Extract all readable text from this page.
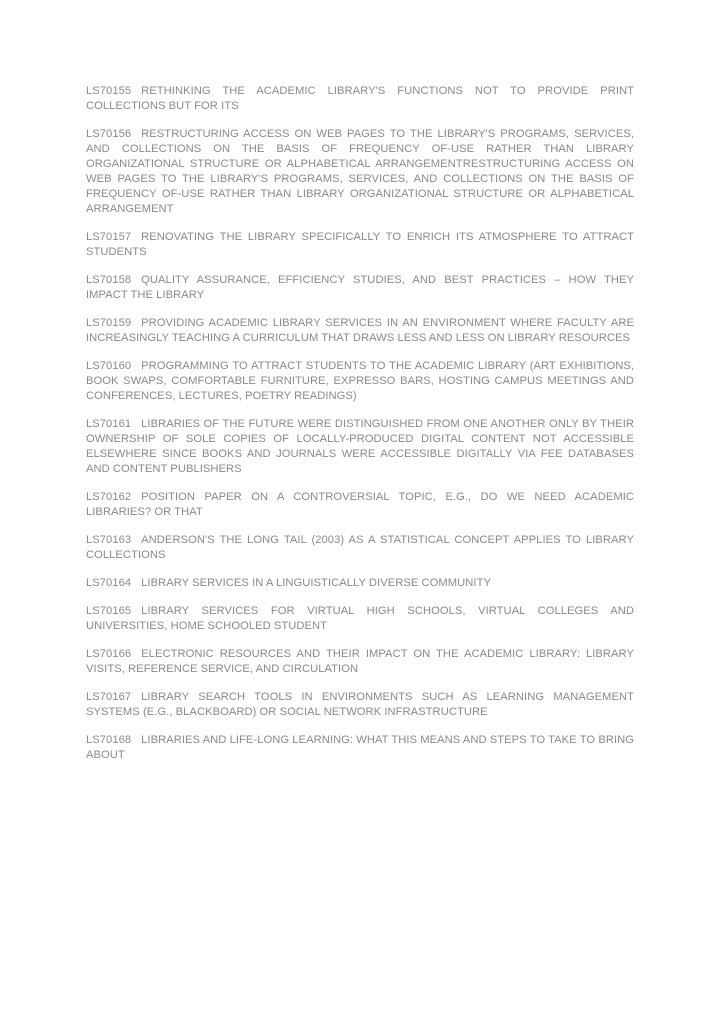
LS70155 RETHINKING THE ACADEMIC LIBRARY'S FUNCTIONS NOT TO PROVIDE PRINT COLLECTIONS BUT FOR ITS

LS70156 RESTRUCTURING ACCESS ON WEB PAGES TO THE LIBRARY'S PROGRAMS, SERVICES, AND COLLECTIONS ON THE BASIS OF FREQUENCY OF-USE RATHER THAN LIBRARY ORGANIZATIONAL STRUCTURE OR ALPHABETICAL ARRANGEMENTRESTRUCTURING ACCESS ON WEB PAGES TO THE LIBRARY'S PROGRAMS, SERVICES, AND COLLECTIONS ON THE BASIS OF FREQUENCY OF-USE RATHER THAN LIBRARY ORGANIZATIONAL STRUCTURE OR ALPHABETICAL ARRANGEMENT

LS70157 RENOVATING THE LIBRARY SPECIFICALLY TO ENRICH ITS ATMOSPHERE TO ATTRACT STUDENTS

LS70158 QUALITY ASSURANCE, EFFICIENCY STUDIES, AND BEST PRACTICES – HOW THEY IMPACT THE LIBRARY

LS70159 PROVIDING ACADEMIC LIBRARY SERVICES IN AN ENVIRONMENT WHERE FACULTY ARE INCREASINGLY TEACHING A CURRICULUM THAT DRAWS LESS AND LESS ON LIBRARY RESOURCES

LS70160 PROGRAMMING TO ATTRACT STUDENTS TO THE ACADEMIC LIBRARY (ART EXHIBITIONS, BOOK SWAPS, COMFORTABLE FURNITURE, EXPRESSO BARS, HOSTING CAMPUS MEETINGS AND CONFERENCES, LECTURES, POETRY READINGS)

LS70161 LIBRARIES OF THE FUTURE WERE DISTINGUISHED FROM ONE ANOTHER ONLY BY THEIR OWNERSHIP OF SOLE COPIES OF LOCALLY-PRODUCED DIGITAL CONTENT NOT ACCESSIBLE ELSEWHERE SINCE BOOKS AND JOURNALS WERE ACCESSIBLE DIGITALLY VIA FEE DATABASES AND CONTENT PUBLISHERS

LS70162 POSITION PAPER ON A CONTROVERSIAL TOPIC, E.G., DO WE NEED ACADEMIC LIBRARIES? OR THAT

LS70163 ANDERSON'S THE LONG TAIL (2003) AS A STATISTICAL CONCEPT APPLIES TO LIBRARY COLLECTIONS

LS70164 LIBRARY SERVICES IN A LINGUISTICALLY DIVERSE COMMUNITY

LS70165 LIBRARY SERVICES FOR VIRTUAL HIGH SCHOOLS, VIRTUAL COLLEGES AND UNIVERSITIES, HOME SCHOOLED STUDENT

LS70166 ELECTRONIC RESOURCES AND THEIR IMPACT ON THE ACADEMIC LIBRARY: LIBRARY VISITS, REFERENCE SERVICE, AND CIRCULATION

LS70167 LIBRARY SEARCH TOOLS IN ENVIRONMENTS SUCH AS LEARNING MANAGEMENT SYSTEMS (E.G., BLACKBOARD) OR SOCIAL NETWORK INFRASTRUCTURE

LS70168 LIBRARIES AND LIFE-LONG LEARNING: WHAT THIS MEANS AND STEPS TO TAKE TO BRING ABOUT
